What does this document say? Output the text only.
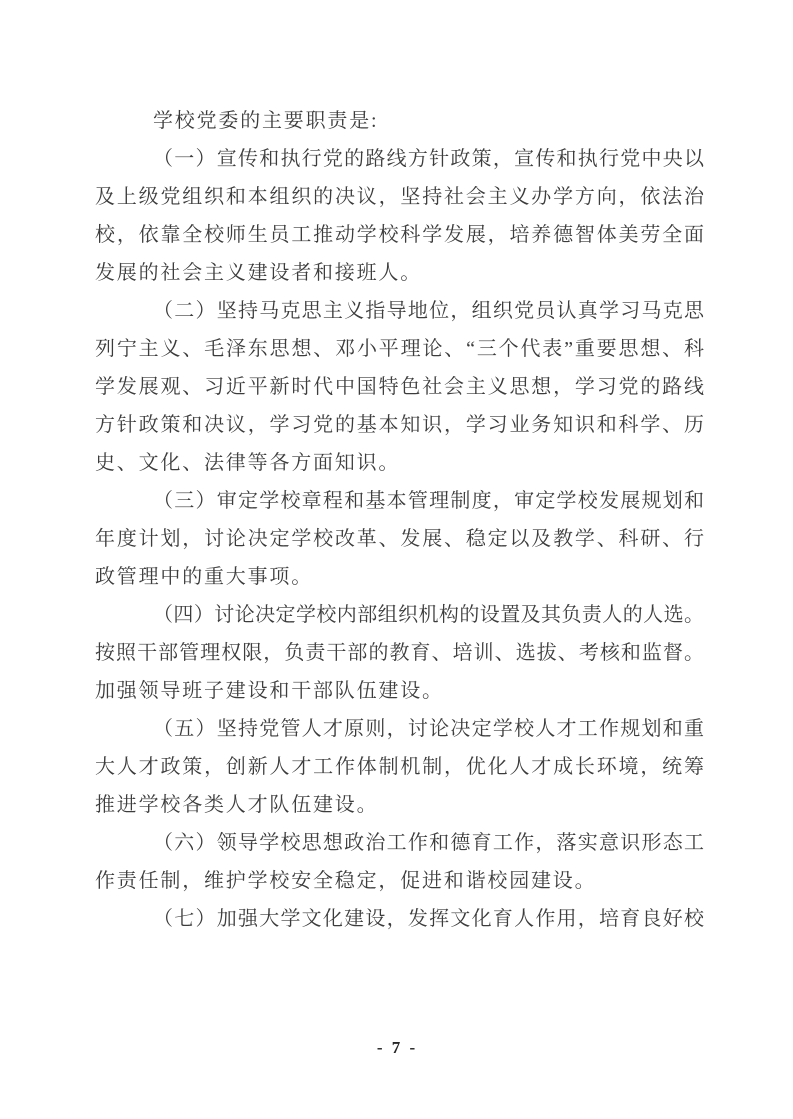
学校党委的主要职责是:
（一）宣传和执行党的路线方针政策，宣传和执行党中央以
及上级党组织和本组织的决议，坚持社会主义办学方向，依法治
校，依靠全校师生员工推动学校科学发展，培养德智体美劳全面
发展的社会主义建设者和接班人。
（二）坚持马克思主义指导地位，组织党员认真学习马克思
列宁主义、毛泽东思想、邓小平理论、“三个代表”重要思想、科
学发展观、习近平新时代中国特色社会主义思想，学习党的路线
方针政策和决议，学习党的基本知识，学习业务知识和科学、历
史、文化、法律等各方面知识。
（三）审定学校章程和基本管理制度，审定学校发展规划和
年度计划，讨论决定学校改革、发展、稳定以及教学、科研、行
政管理中的重大事项。
（四）讨论决定学校内部组织机构的设置及其负责人的人选。
按照干部管理权限，负责干部的教育、培训、选拔、考核和监督。
加强领导班子建设和干部队伍建设。
（五）坚持党管人才原则，讨论决定学校人才工作规划和重
大人才政策，创新人才工作体制机制，优化人才成长环境，统筹
推进学校各类人才队伍建设。
（六）领导学校思想政治工作和德育工作，落实意识形态工
作责任制，维护学校安全稳定，促进和谐校园建设。
（七）加强大学文化建设，发挥文化育人作用，培育良好校
- 7 -
